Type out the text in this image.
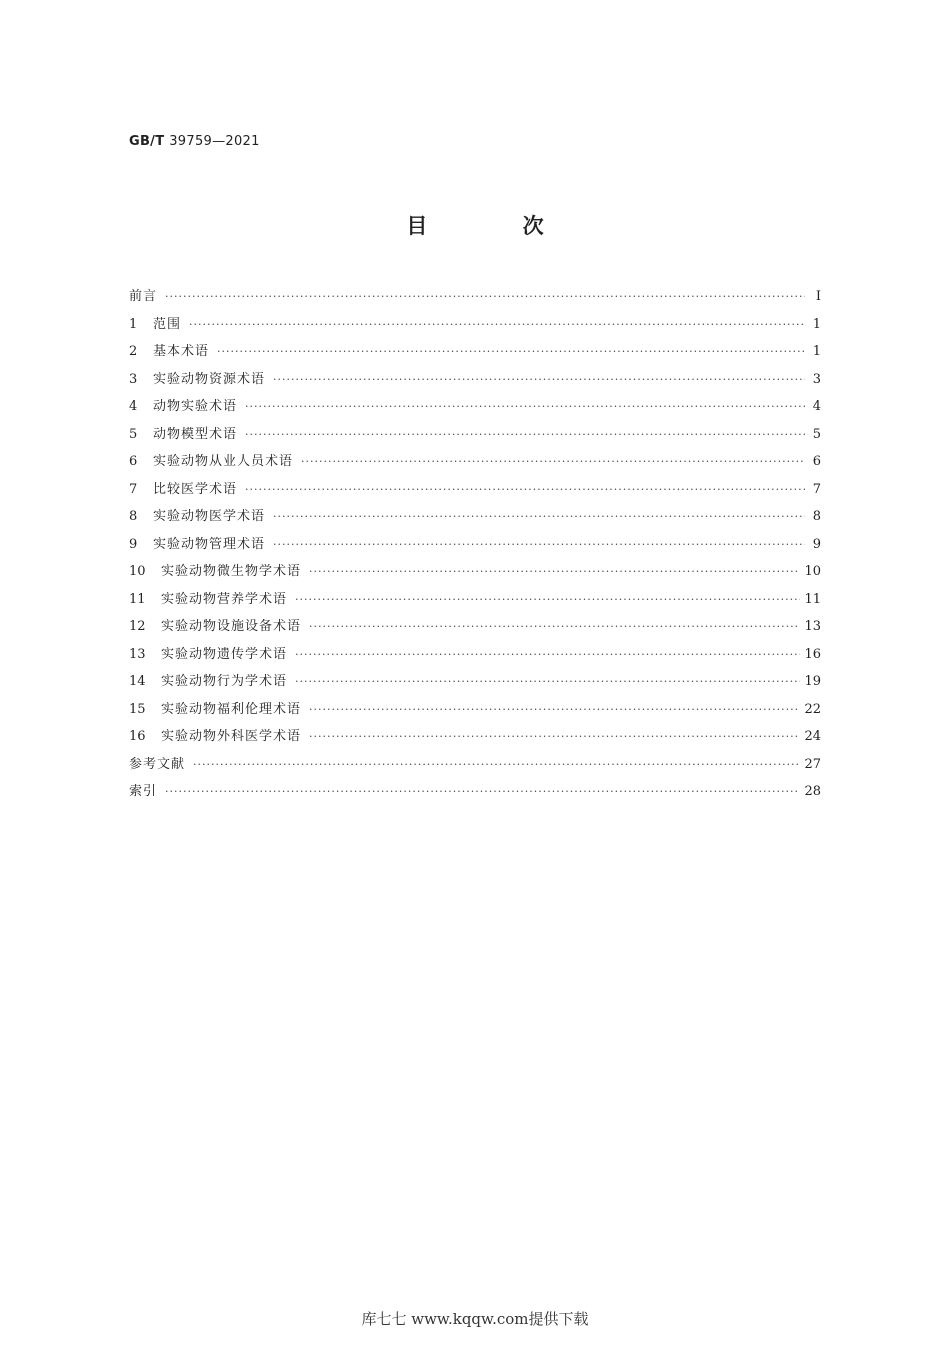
GB/T 39759—2021
目 次
前言 ·····	Ⅰ
1	范围 ·····	1
2	基本术语 ·····	1
3	实验动物资源术语 ·····	3
4	动物实验术语 ·····	4
5	动物模型术语 ·····	5
6	实验动物从业人员术语 ·····	6
7	比较医学术语 ·····	7
8	实验动物医学术语 ·····	8
9	实验动物管理术语 ·····	9
10	实验动物微生物学术语 ·····	10
11	实验动物营养学术语 ·····	11
12	实验动物设施设备术语 ·····	13
13	实验动物遗传学术语 ·····	16
14	实验动物行为学术语 ·····	19
15	实验动物福利伦理术语 ·····	22
16	实验动物外科医学术语 ·····	24
参考文献 ·····	27
索引 ·····	28
库七七 www.kqqw.com提供下载
